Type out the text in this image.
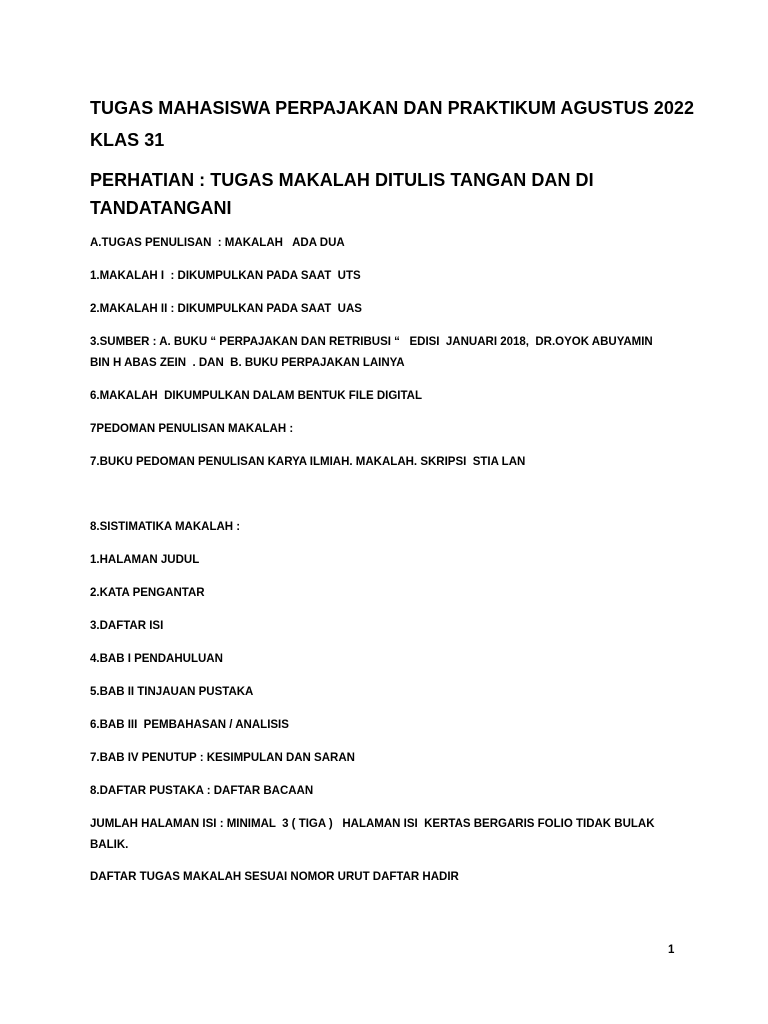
TUGAS MAHASISWA PERPAJAKAN DAN PRAKTIKUM AGUSTUS 2022

KLAS 31

PERHATIAN : TUGAS MAKALAH DITULIS TANGAN DAN DI

TANDATANGANI

A.TUGAS PENULISAN  : MAKALAH   ADA DUA

1.MAKALAH I  : DIKUMPULKAN PADA SAAT  UTS

2.MAKALAH II : DIKUMPULKAN PADA SAAT  UAS

3.SUMBER : A. BUKU “ PERPAJAKAN DAN RETRIBUSI “   EDISI  JANUARI 2018,  DR.OYOK ABUYAMIN

BIN H ABAS ZEIN  . DAN  B. BUKU PERPAJAKAN LAINYA

6.MAKALAH  DIKUMPULKAN DALAM BENTUK FILE DIGITAL

7PEDOMAN PENULISAN MAKALAH :

7.BUKU PEDOMAN PENULISAN KARYA ILMIAH. MAKALAH. SKRIPSI  STIA LAN

8.SISTIMATIKA MAKALAH :

1.HALAMAN JUDUL

2.KATA PENGANTAR

3.DAFTAR ISI

4.BAB I PENDAHULUAN

5.BAB II TINJAUAN PUSTAKA

6.BAB III  PEMBAHASAN / ANALISIS

7.BAB IV PENUTUP : KESIMPULAN DAN SARAN

8.DAFTAR PUSTAKA : DAFTAR BACAAN

JUMLAH HALAMAN ISI : MINIMAL  3 ( TIGA )   HALAMAN ISI  KERTAS BERGARIS FOLIO TIDAK BULAK

BALIK.

DAFTAR TUGAS MAKALAH SESUAI NOMOR URUT DAFTAR HADIR

1
